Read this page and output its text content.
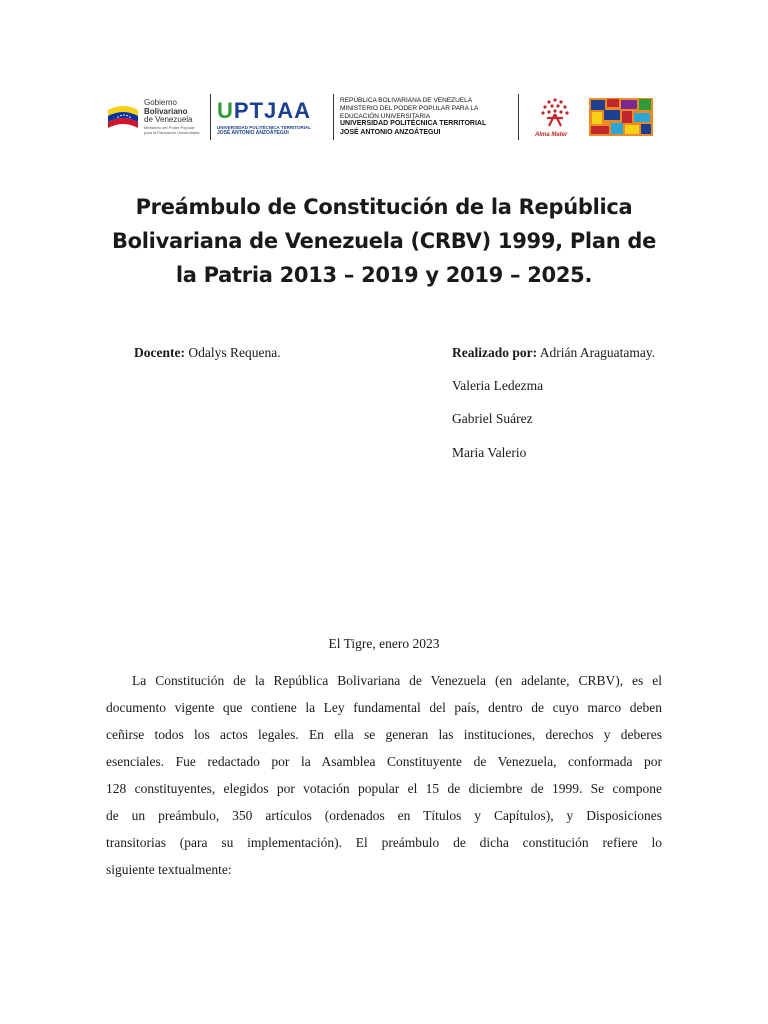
Gobierno
Bolivariano
de Venezuela
Ministerio del Poder Popular
para la Educación Universitaria
U PTJAA
UNIVERSIDAD POLITÉCNICA TERRITORIAL
JOSÉ ANTONIO ANZOÁTEGUI
REPÚBLICA BOLIVARIANA DE VENEZUELA
MINISTERIO DEL PODER POPULAR PARA LA
EDUCACIÓN UNIVERSITARIA
UNIVERSIDAD POLITÉCNICA TERRITORIAL
JOSÉ ANTONIO ANZOÁTEGUI	Alma Mater
Preámbulo de Constitución de la República
Bolivariana de Venezuela (CRBV) 1999, Plan de
la Patria 2013 – 2019 y 2019 – 2025.
Docente: Odalys Requena.	Realizado por: Adrián Araguatamay.
Valeria Ledezma
Gabriel Suárez
Maria Valerio
El Tigre, enero 2023
La Constitución de la República Bolivariana de Venezuela (en adelante, CRBV), es el
documento vigente que contiene la Ley fundamental del país, dentro de cuyo marco deben
ceñirse todos los actos legales. En ella se generan las instituciones, derechos y deberes
esenciales. Fue redactado por la Asamblea Constituyente de Venezuela, conformada por
128 constituyentes, elegidos por votación popular el 15 de diciembre de 1999. Se compone
de un preámbulo, 350 artículos (ordenados en Títulos y Capítulos), y Disposiciones
transitorias (para su implementación). El preámbulo de dicha constitución refiere lo
siguiente textualmente:
